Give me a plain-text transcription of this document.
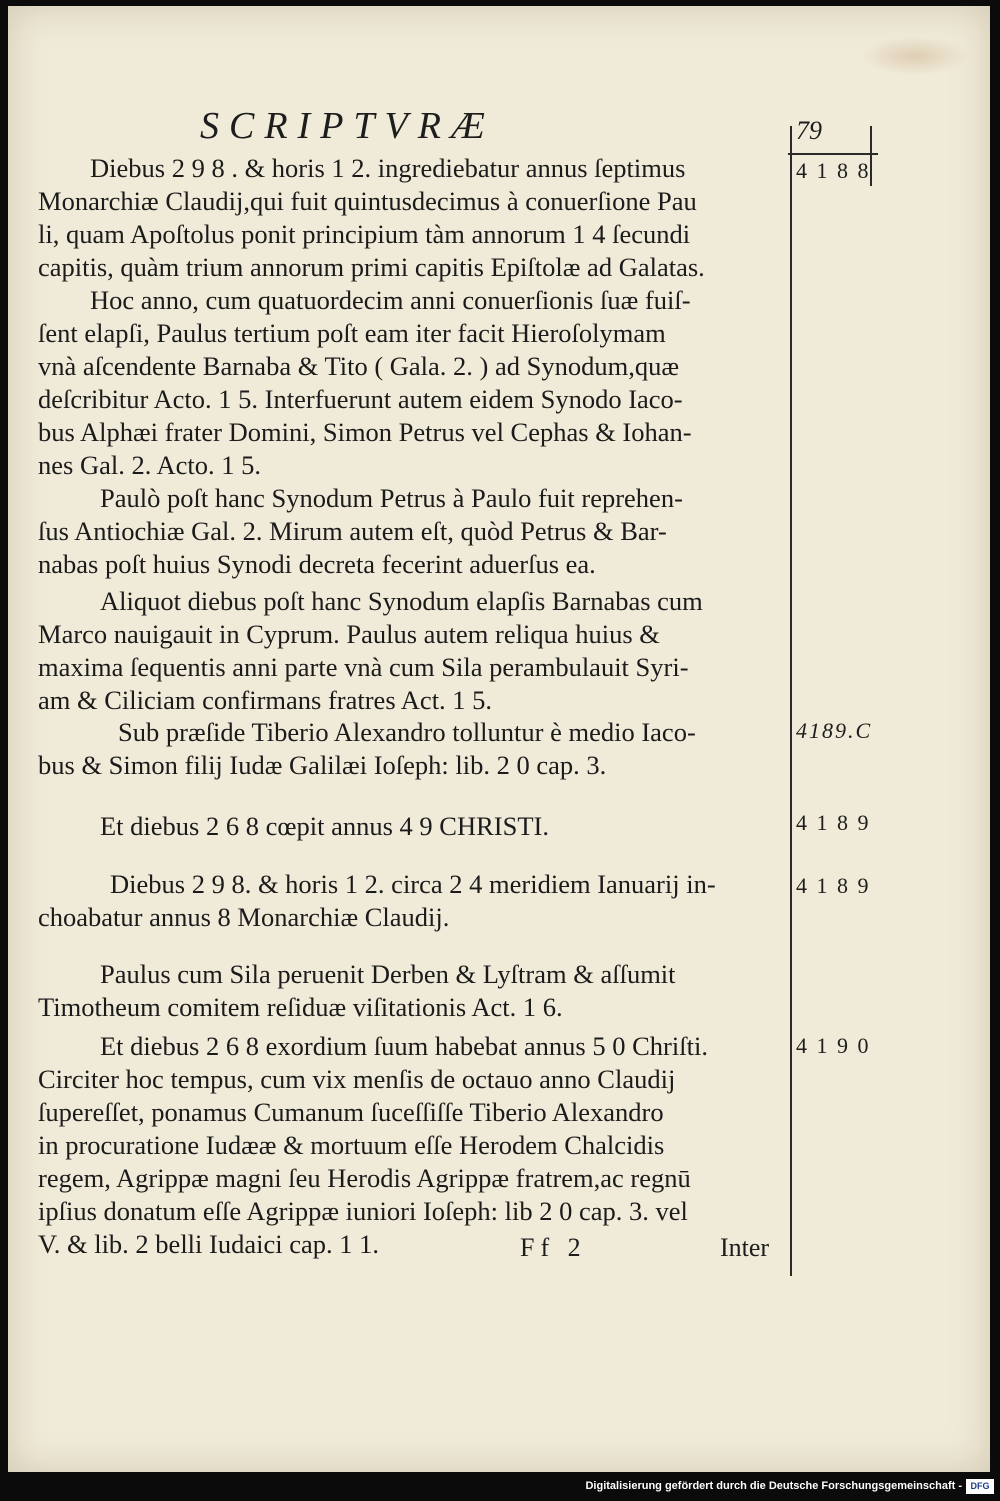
SCRIPTVRÆ	79

Diebus 2 9 8 . & horis 1 2. ingrediebatur annus ſeptimus
Monarchiæ Claudij,qui fuit quintusdecimus à conuerſione Pau
li, quam Apoſtolus ponit principium tàm annorum 1 4 ſecundi
capitis, quàm trium annorum primi capitis Epiſtolæ ad Galatas.

Hoc anno, cum quatuordecim anni conuerſionis ſuæ fuiſ-
ſent elapſi, Paulus tertium poſt eam iter facit Hieroſolymam
vnà aſcendente Barnaba & Tito ( Gala. 2. ) ad Synodum,quæ
deſcribitur Acto. 1 5. Interfuerunt autem eidem Synodo Iaco-
bus Alphæi frater Domini, Simon Petrus vel Cephas & Iohan-
nes Gal. 2. Acto. 1 5.

Paulò poſt hanc Synodum Petrus à Paulo fuit reprehen-
ſus Antiochiæ Gal. 2. Mirum autem eſt, quòd Petrus & Bar-
nabas poſt huius Synodi decreta fecerint aduerſus ea.

Aliquot diebus poſt hanc Synodum elapſis Barnabas cum
Marco nauigauit in Cyprum. Paulus autem reliqua huius &
maxima ſequentis anni parte vnà cum Sila perambulauit Syri-
am & Ciliciam confirmans fratres Act. 1 5.

Sub præſide Tiberio Alexandro tolluntur è medio Iaco-
bus & Simon filij Iudæ Galilæi Ioſeph: lib. 2 0 cap. 3.

Et diebus 2 6 8 cœpit annus 4 9 CHRISTI.

Diebus 2 9 8. & horis 1 2. circa 2 4 meridiem Ianuarij in-
choabatur annus 8 Monarchiæ Claudij.

Paulus cum Sila peruenit Derben & Lyſtram & aſſumit
Timotheum comitem reſiduæ viſitationis Act. 1 6.

Et diebus 2 6 8 exordium ſuum habebat annus 5 0 Chriſti.
Circiter hoc tempus, cum vix menſis de octauo anno Claudij
ſupereſſet, ponamus Cumanum ſuceſſiſſe Tiberio Alexandro
in procuratione Iudææ & mortuum eſſe Herodem Chalcidis
regem, Agrippæ magni ſeu Herodis Agrippæ fratrem,ac regnū
ipſius donatum eſſe Agrippæ iuniori Ioſeph: lib 2 0 cap. 3. vel
V. & lib. 2 belli Iudaici cap. 1 1.

4 1 8 8
4189.C
4 1 8 9
4 1 8 9
4 1 9 0
Ff 2	Inter
Digitalisierung gefördert durch die Deutsche Forschungsgemeinschaft - DFG
